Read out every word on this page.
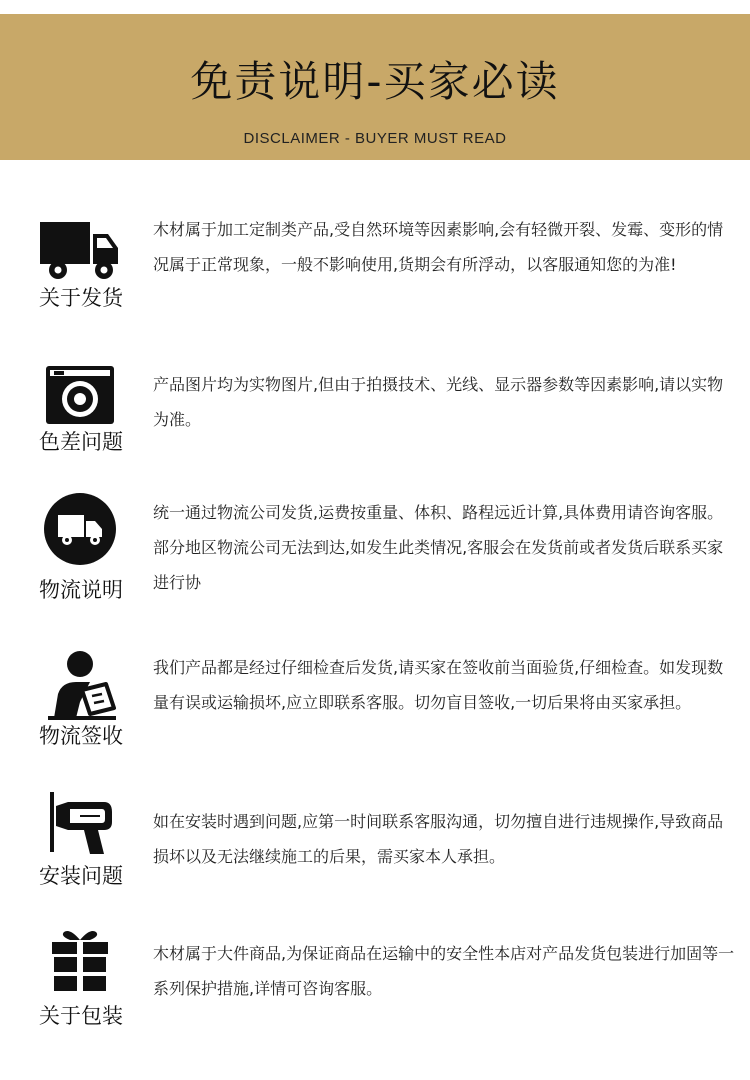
免责说明-买家必读
DISCLAIMER - BUYER MUST READ
关于发货
木材属于加工定制类产品,受自然环境等因素影响,会有轻微开裂、发霉、变形的情况属于正常现象，一般不影响使用,货期会有所浮动，以客服通知您的为准!
色差问题
产品图片均为实物图片,但由于拍摄技术、光线、显示器参数等因素影响,请以实物为准。
物流说明
统一通过物流公司发货,运费按重量、体积、路程远近计算,具体费用请咨询客服。部分地区物流公司无法到达,如发生此类情况,客服会在发货前或者发货后联系买家进行协
物流签收
我们产品都是经过仔细检查后发货,请买家在签收前当面验货,仔细检查。如发现数量有误或运输损坏,应立即联系客服。切勿盲目签收,一切后果将由买家承担。
安装问题
如在安装时遇到问题,应第一时间联系客服沟通，切勿擅自进行违规操作,导致商品损坏以及无法继续施工的后果，需买家本人承担。
关于包装
木材属于大件商品,为保证商品在运输中的安全性本店对产品发货包装进行加固等一系列保护措施,详情可咨询客服。
